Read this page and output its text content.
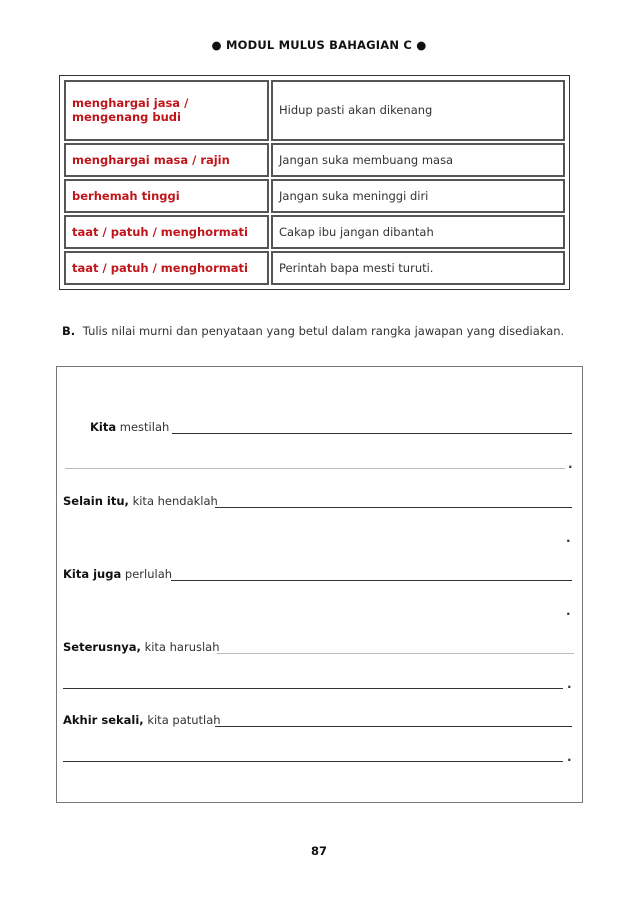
● MODUL MULUS BAHAGIAN C ●
menghargai jasa / mengenang budi	Hidup pasti akan dikenang
menghargai masa / rajin	Jangan suka membuang masa
berhemah tinggi	Jangan suka meninggi diri
taat / patuh / menghormati	Cakap ibu jangan dibantah
taat / patuh / menghormati	Perintah bapa mesti turuti.
B. Tulis nilai murni dan penyataan yang betul dalam rangka jawapan yang disediakan.
Kita mestilah
.
Selain itu, kita hendaklah
.
Kita juga perlulah
.
Seterusnya, kita haruslah
.
Akhir sekali, kita patutlah
.
87
